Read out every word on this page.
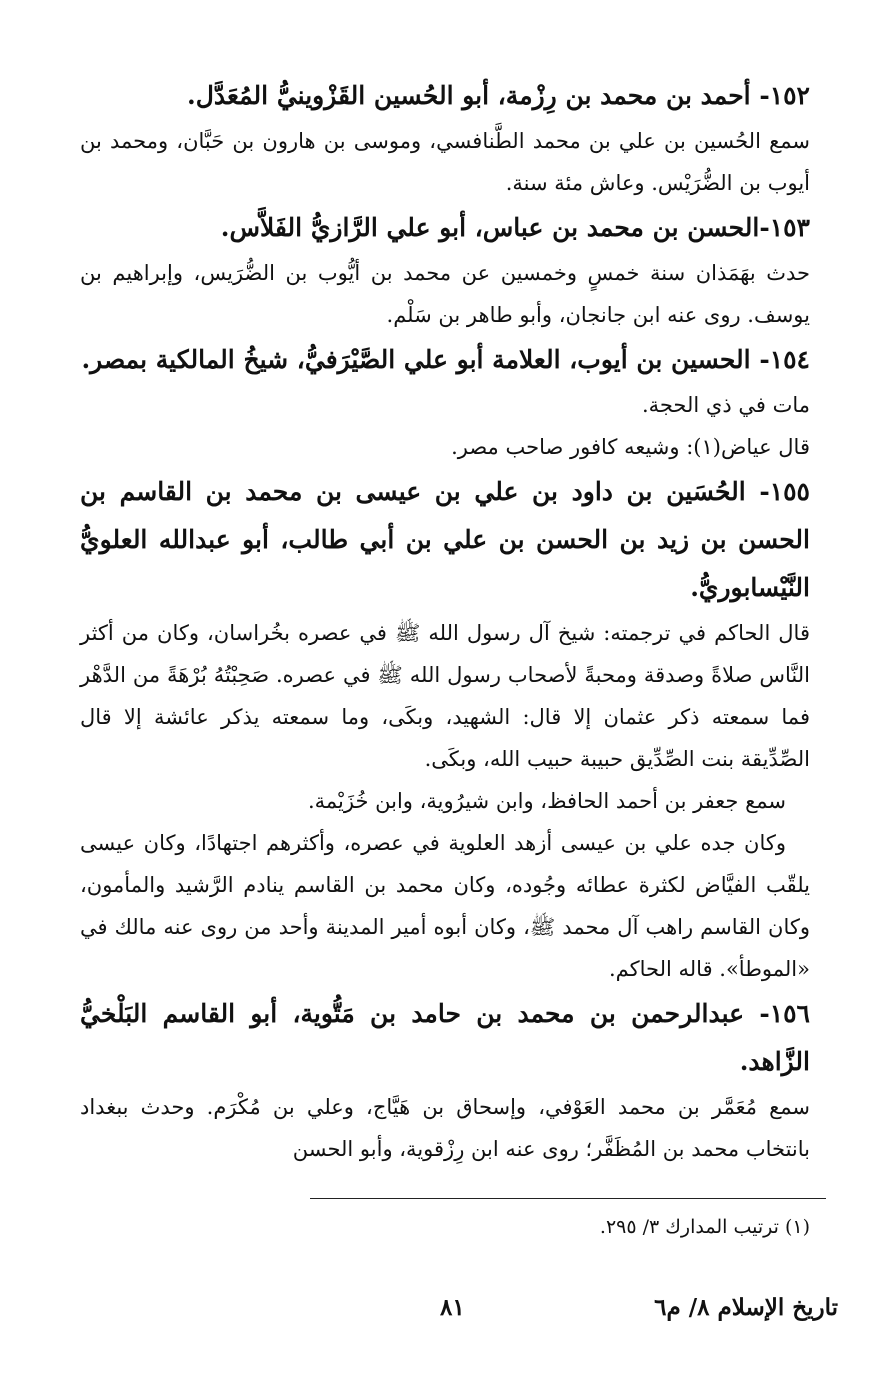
١٥٢- أحمد بن محمد بن رِزْمة، أبو الحُسين القَزْوينيُّ المُعَدَّل.

سمع الحُسين بن علي بن محمد الطَّنافسي، وموسى بن هارون بن حَبَّان، ومحمد بن أيوب بن الضُّرَيْس. وعاش مئة سنة.

١٥٣-الحسن بن محمد بن عباس، أبو علي الرَّازيُّ الفَلاَّس.

حدث بهَمَذان سنة خمسٍ وخمسين عن محمد بن أيُّوب بن الضُّرَيس، وإبراهيم بن يوسف. روى عنه ابن جانجان، وأبو طاهر بن سَلْم.

١٥٤- الحسين بن أيوب، العلامة أبو علي الصَّيْرَفيُّ، شيخُ المالكية بمصر.

مات في ذي الحجة.

قال عياض(١): وشيعه كافور صاحب مصر.

١٥٥- الحُسَين بن داود بن علي بن عيسى بن محمد بن القاسم بن الحسن بن زيد بن الحسن بن علي بن أبي طالب، أبو عبدالله العلويُّ النَّيْسابوريُّ.

قال الحاكم في ترجمته: شيخ آل رسول الله ﷺ في عصره بخُراسان، وكان من أكثر النَّاس صلاةً وصدقة ومحبةً لأصحاب رسول الله ﷺ في عصره. صَحِبْتُهُ بُرْهَةً من الدَّهْر فما سمعته ذكر عثمان إلا قال: الشهيد، وبكَى، وما سمعته يذكر عائشة إلا قال الصِّدِّيقة بنت الصِّدِّيق حبيبة حبيب الله، وبكَى.

سمع جعفر بن أحمد الحافظ، وابن شيرُوية، وابن خُزَيْمة.

وكان جده علي بن عيسى أزهد العلوية في عصره، وأكثرهم اجتهادًا، وكان عيسى يلقّب الفيَّاض لكثرة عطائه وجُوده، وكان محمد بن القاسم ينادم الرَّشيد والمأمون، وكان القاسم راهب آل محمد ﷺ، وكان أبوه أمير المدينة وأحد من روى عنه مالك في «الموطأ». قاله الحاكم.

١٥٦- عبدالرحمن بن محمد بن حامد بن مَتُّوية، أبو القاسم البَلْخيُّ الزَّاهد.

سمع مُعَمَّر بن محمد العَوْفي، وإسحاق بن هَيَّاج، وعلي بن مُكْرَم. وحدث ببغداد بانتخاب محمد بن المُظَفَّر؛ روى عنه ابن رِزْقوية، وأبو الحسن

(١) ترتيب المدارك ٣/ ٢٩٥.
تاريخ الإسلام ٨/ م٦
٨١
